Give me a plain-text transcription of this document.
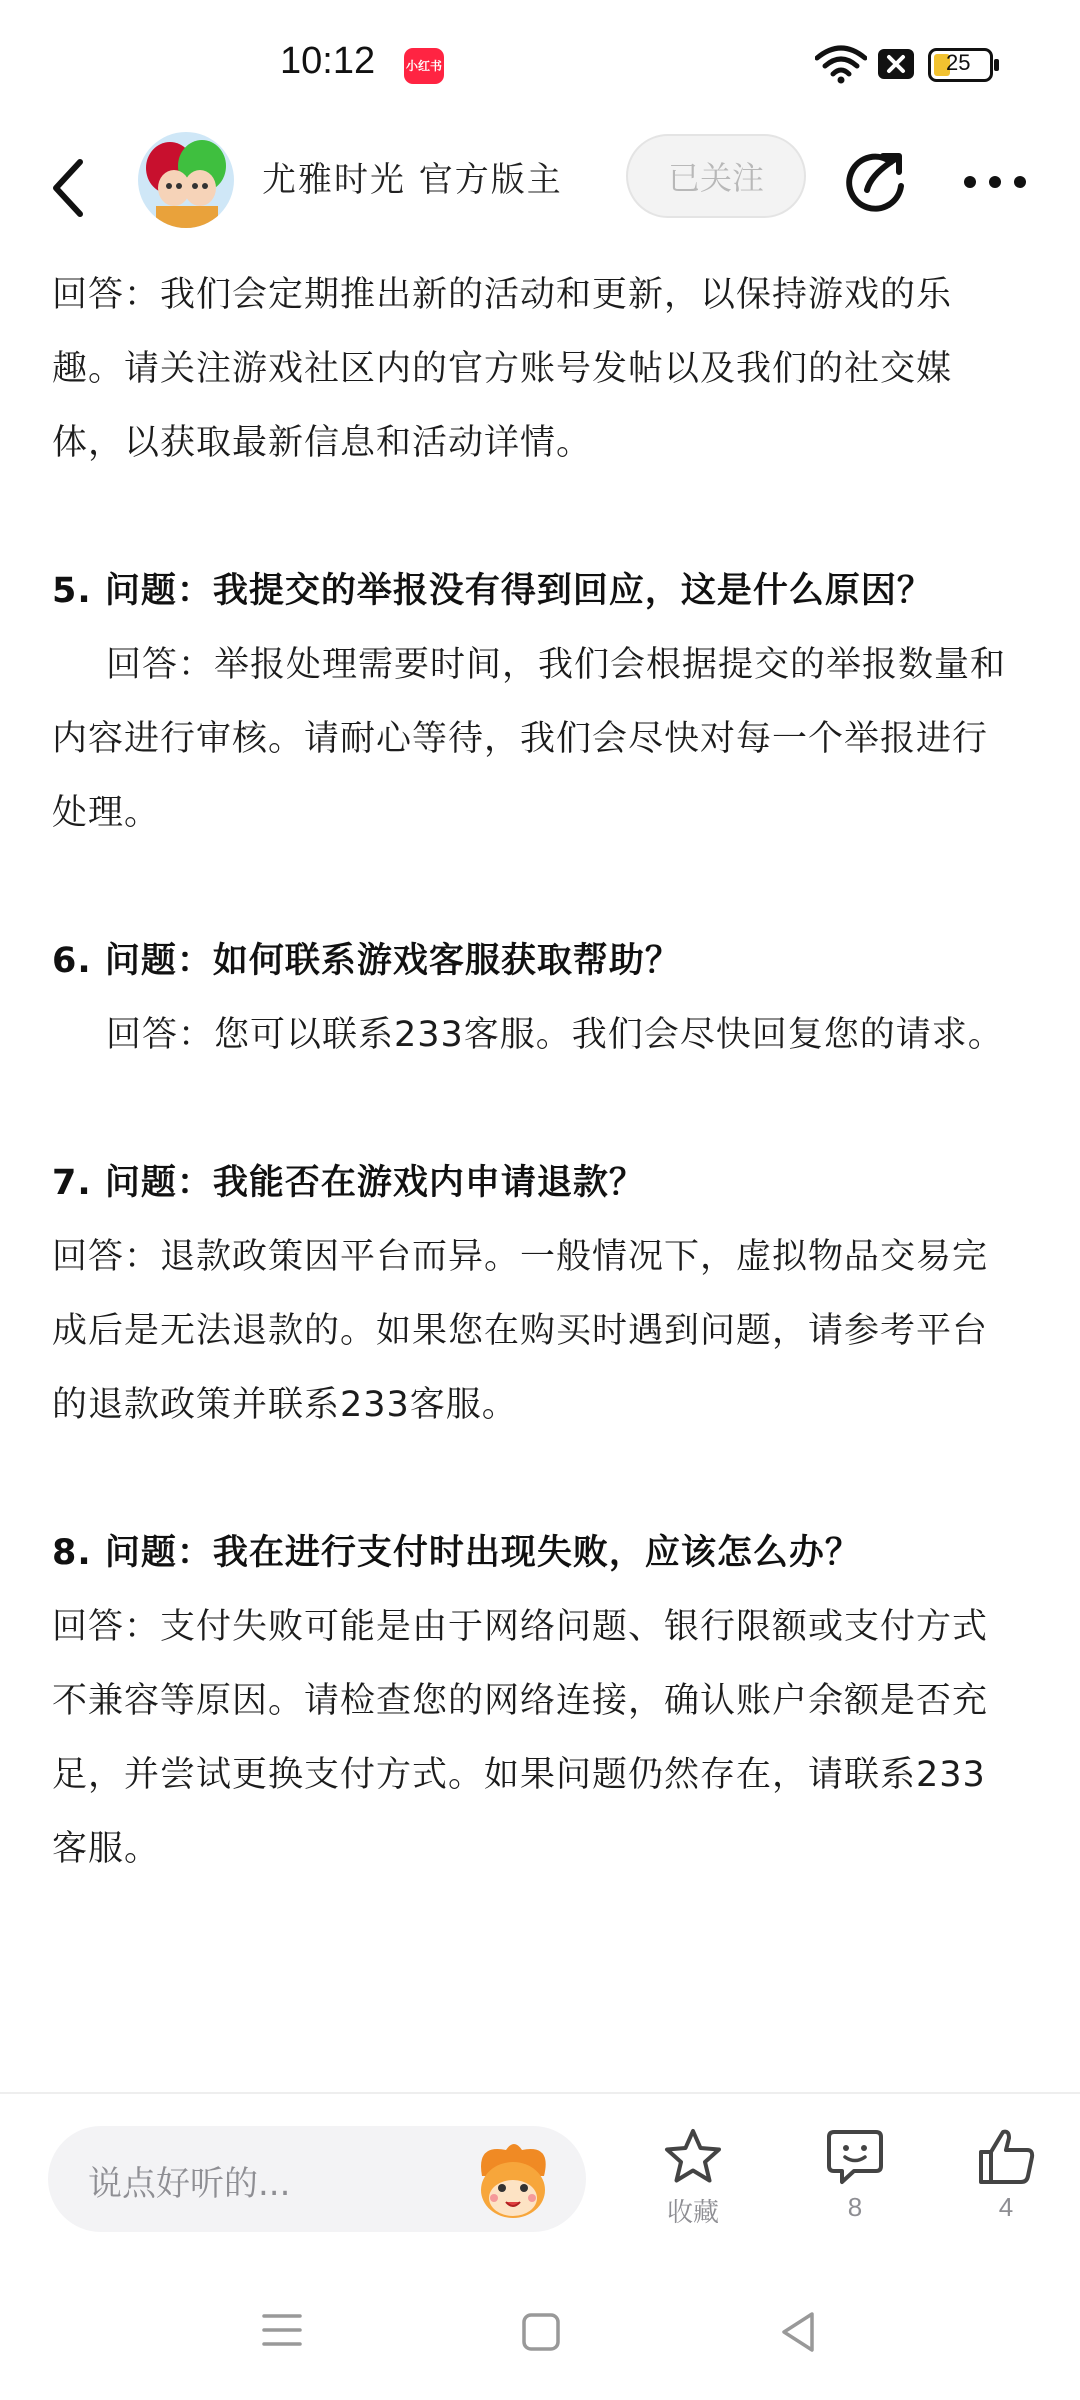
10:12	小红书	25
尤雅时光 官方版主	已关注

回答：我们会定期推出新的活动和更新，以保持游戏的乐趣。请关注游戏社区内的官方账号发帖以及我们的社交媒体，以获取最新信息和活动详情。

5. 问题：我提交的举报没有得到回应，这是什么原因？

回答：举报处理需要时间，我们会根据提交的举报数量和内容进行审核。请耐心等待，我们会尽快对每一个举报进行处理。

6. 问题：如何联系游戏客服获取帮助？

回答：您可以联系233客服。我们会尽快回复您的请求。

7. 问题：我能否在游戏内申请退款？

回答：退款政策因平台而异。一般情况下，虚拟物品交易完成后是无法退款的。如果您在购买时遇到问题，请参考平台的退款政策并联系233客服。

8. 问题：我在进行支付时出现失败，应该怎么办？

回答：支付失败可能是由于网络问题、银行限额或支付方式不兼容等原因。请检查您的网络连接，确认账户余额是否充足，并尝试更换支付方式。如果问题仍然存在，请联系233客服。

说点好听的...
收藏	8	4
